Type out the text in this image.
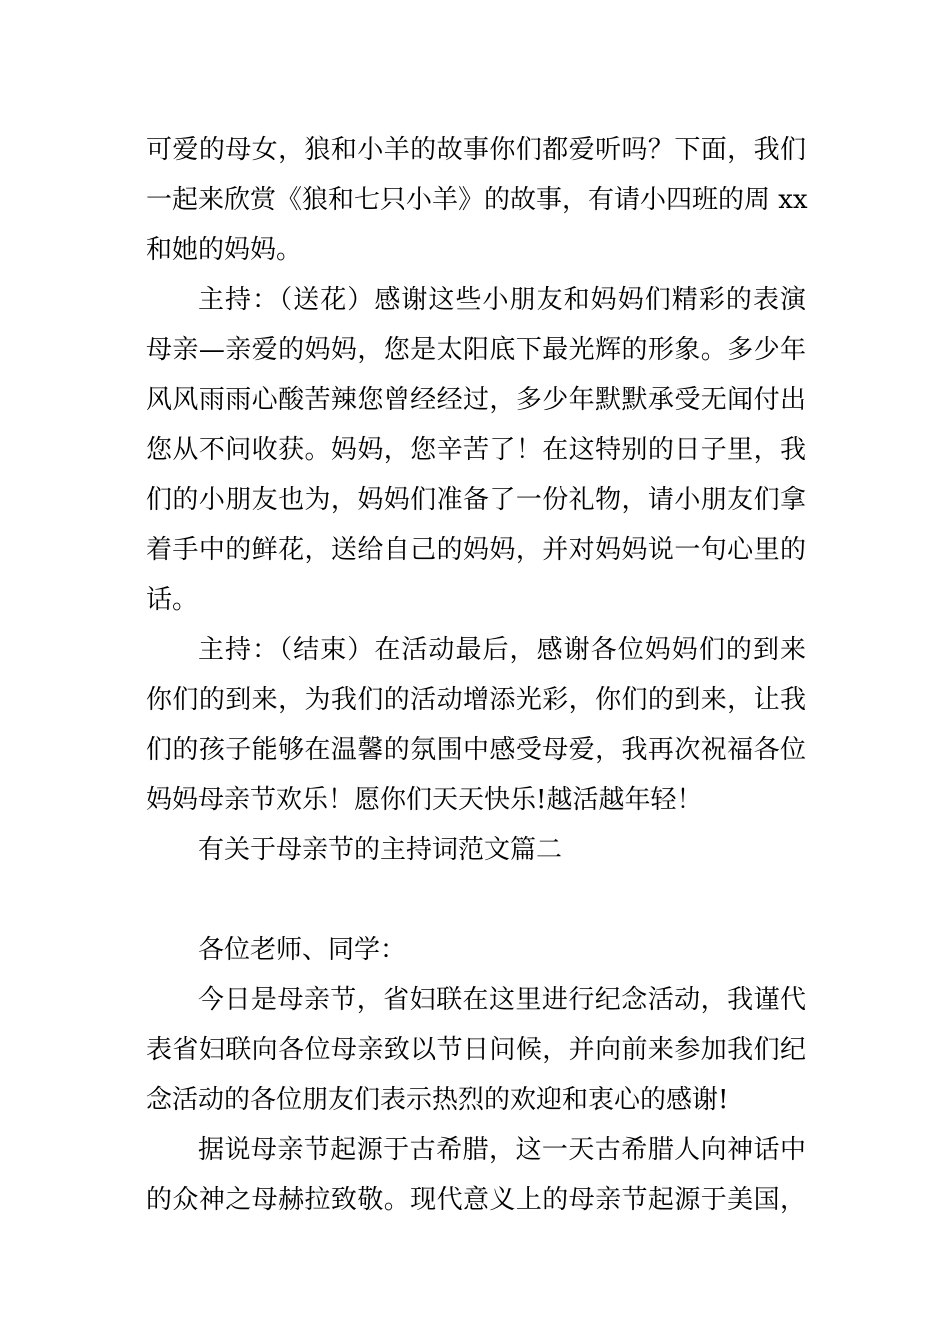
可爱的母女，狼和小羊的故事你们都爱听吗？下面，我们
一起来欣赏《狼和七只小羊》的故事，有请小四班的周 xx
和她的妈妈。
主持：（送花）感谢这些小朋友和妈妈们精彩的表演
母亲—亲爱的妈妈，您是太阳底下最光辉的形象。多少年
风风雨雨心酸苦辣您曾经经过，多少年默默承受无闻付出
您从不问收获。妈妈，您辛苦了！在这特别的日子里，我
们的小朋友也为，妈妈们准备了一份礼物，请小朋友们拿
着手中的鲜花，送给自己的妈妈，并对妈妈说一句心里的
话。
主持：（结束）在活动最后，感谢各位妈妈们的到来
你们的到来，为我们的活动增添光彩，你们的到来，让我
们的孩子能够在温馨的氛围中感受母爱，我再次祝福各位
妈妈母亲节欢乐！愿你们天天快乐!越活越年轻！
有关于母亲节的主持词范文篇二
各位老师、同学：
今日是母亲节，省妇联在这里进行纪念活动，我谨代
表省妇联向各位母亲致以节日问候，并向前来参加我们纪
念活动的各位朋友们表示热烈的欢迎和衷心的感谢!
据说母亲节起源于古希腊，这一天古希腊人向神话中
的众神之母赫拉致敬。现代意义上的母亲节起源于美国，
